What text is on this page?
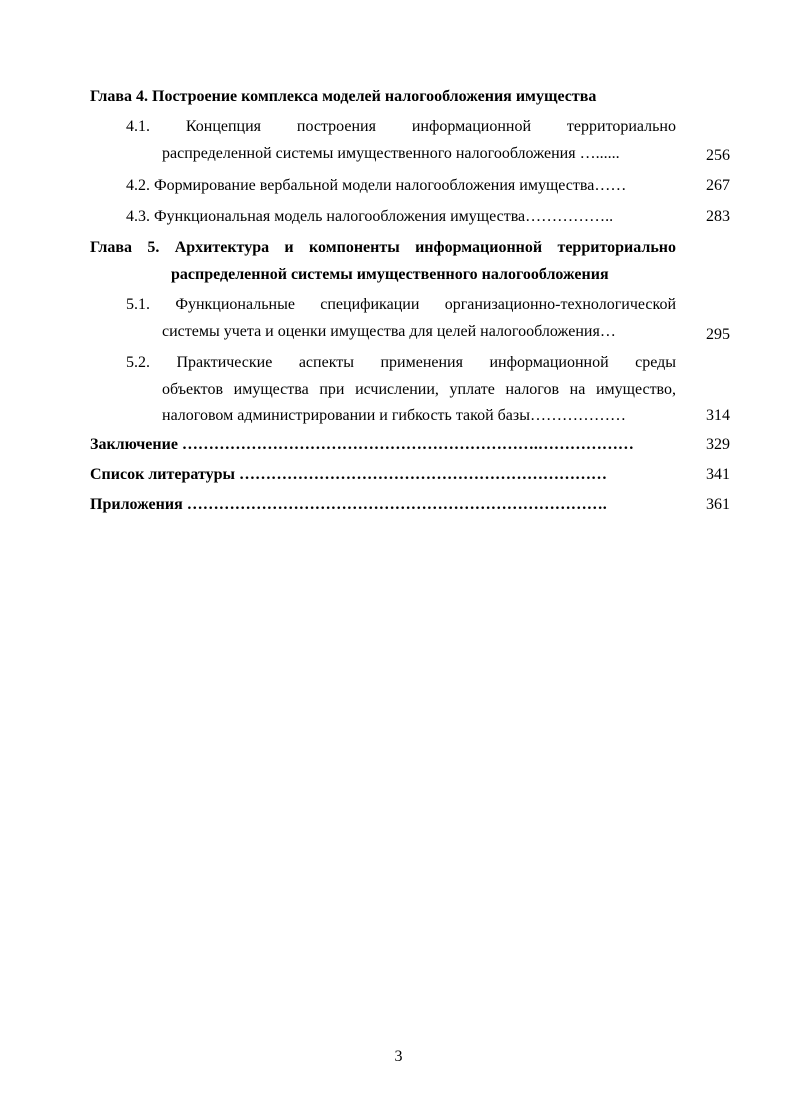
Глава 4. Построение комплекса моделей налогообложения имущества
4.1. Концепция построения информационной территориально
распределенной системы имущественного налогообложения …......	256
4.2. Формирование вербальной модели налогообложения имущества……	267
4.3. Функциональная модель налогообложения имущества……………..	283
Глава 5. Архитектура и компоненты информационной территориально
распределенной системы имущественного налогообложения
5.1. Функциональные спецификации организационно-технологической
системы учета и оценки имущества для целей налогообложения…	295
5.2. Практические аспекты применения информационной среды
объектов имущества при исчислении, уплате налогов на имущество,
налоговом администрировании и гибкость такой базы………………	314
Заключение ………………………………………………………….………………	329
Список литературы ……………………………………………………………	341
Приложения …………………………………………………………………….	361
3
